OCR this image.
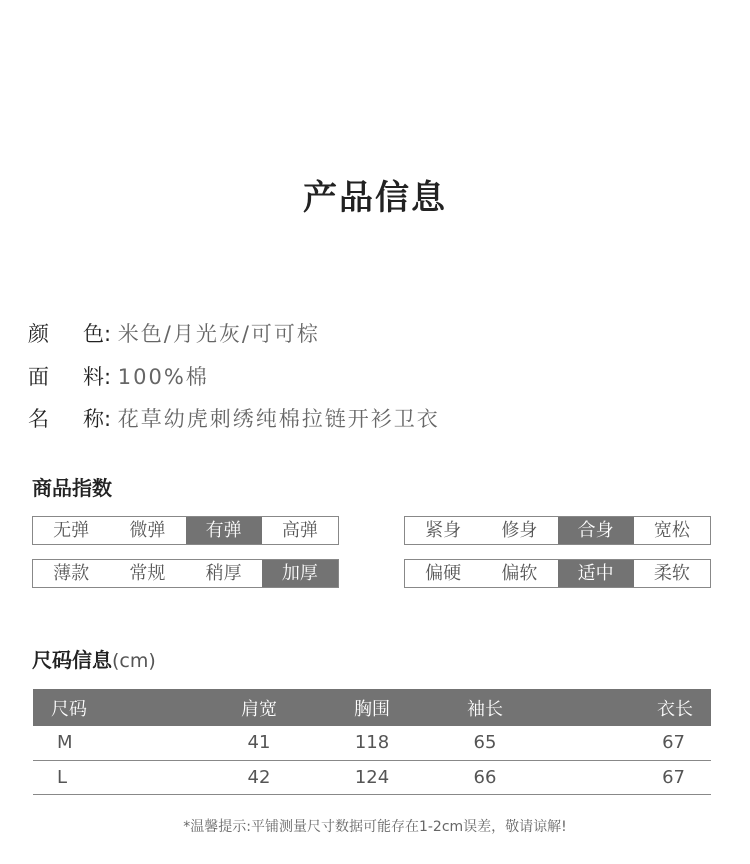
产品信息
颜 色: 米色/月光灰/可可棕
面 料: 100%棉
名 称: 花草幼虎刺绣纯棉拉链开衫卫衣
商品指数
无弹	微弹	有弹	高弹	紧身	修身	合身	宽松
薄款	常规	稍厚	加厚	偏硬	偏软	适中	柔软
尺码信息(cm)
尺码	肩宽	胸围	袖长	衣长
M	41	118	65	67
L	42	124	66	67
*温馨提示:平铺测量尺寸数据可能存在1-2cm误差，敬请谅解!
